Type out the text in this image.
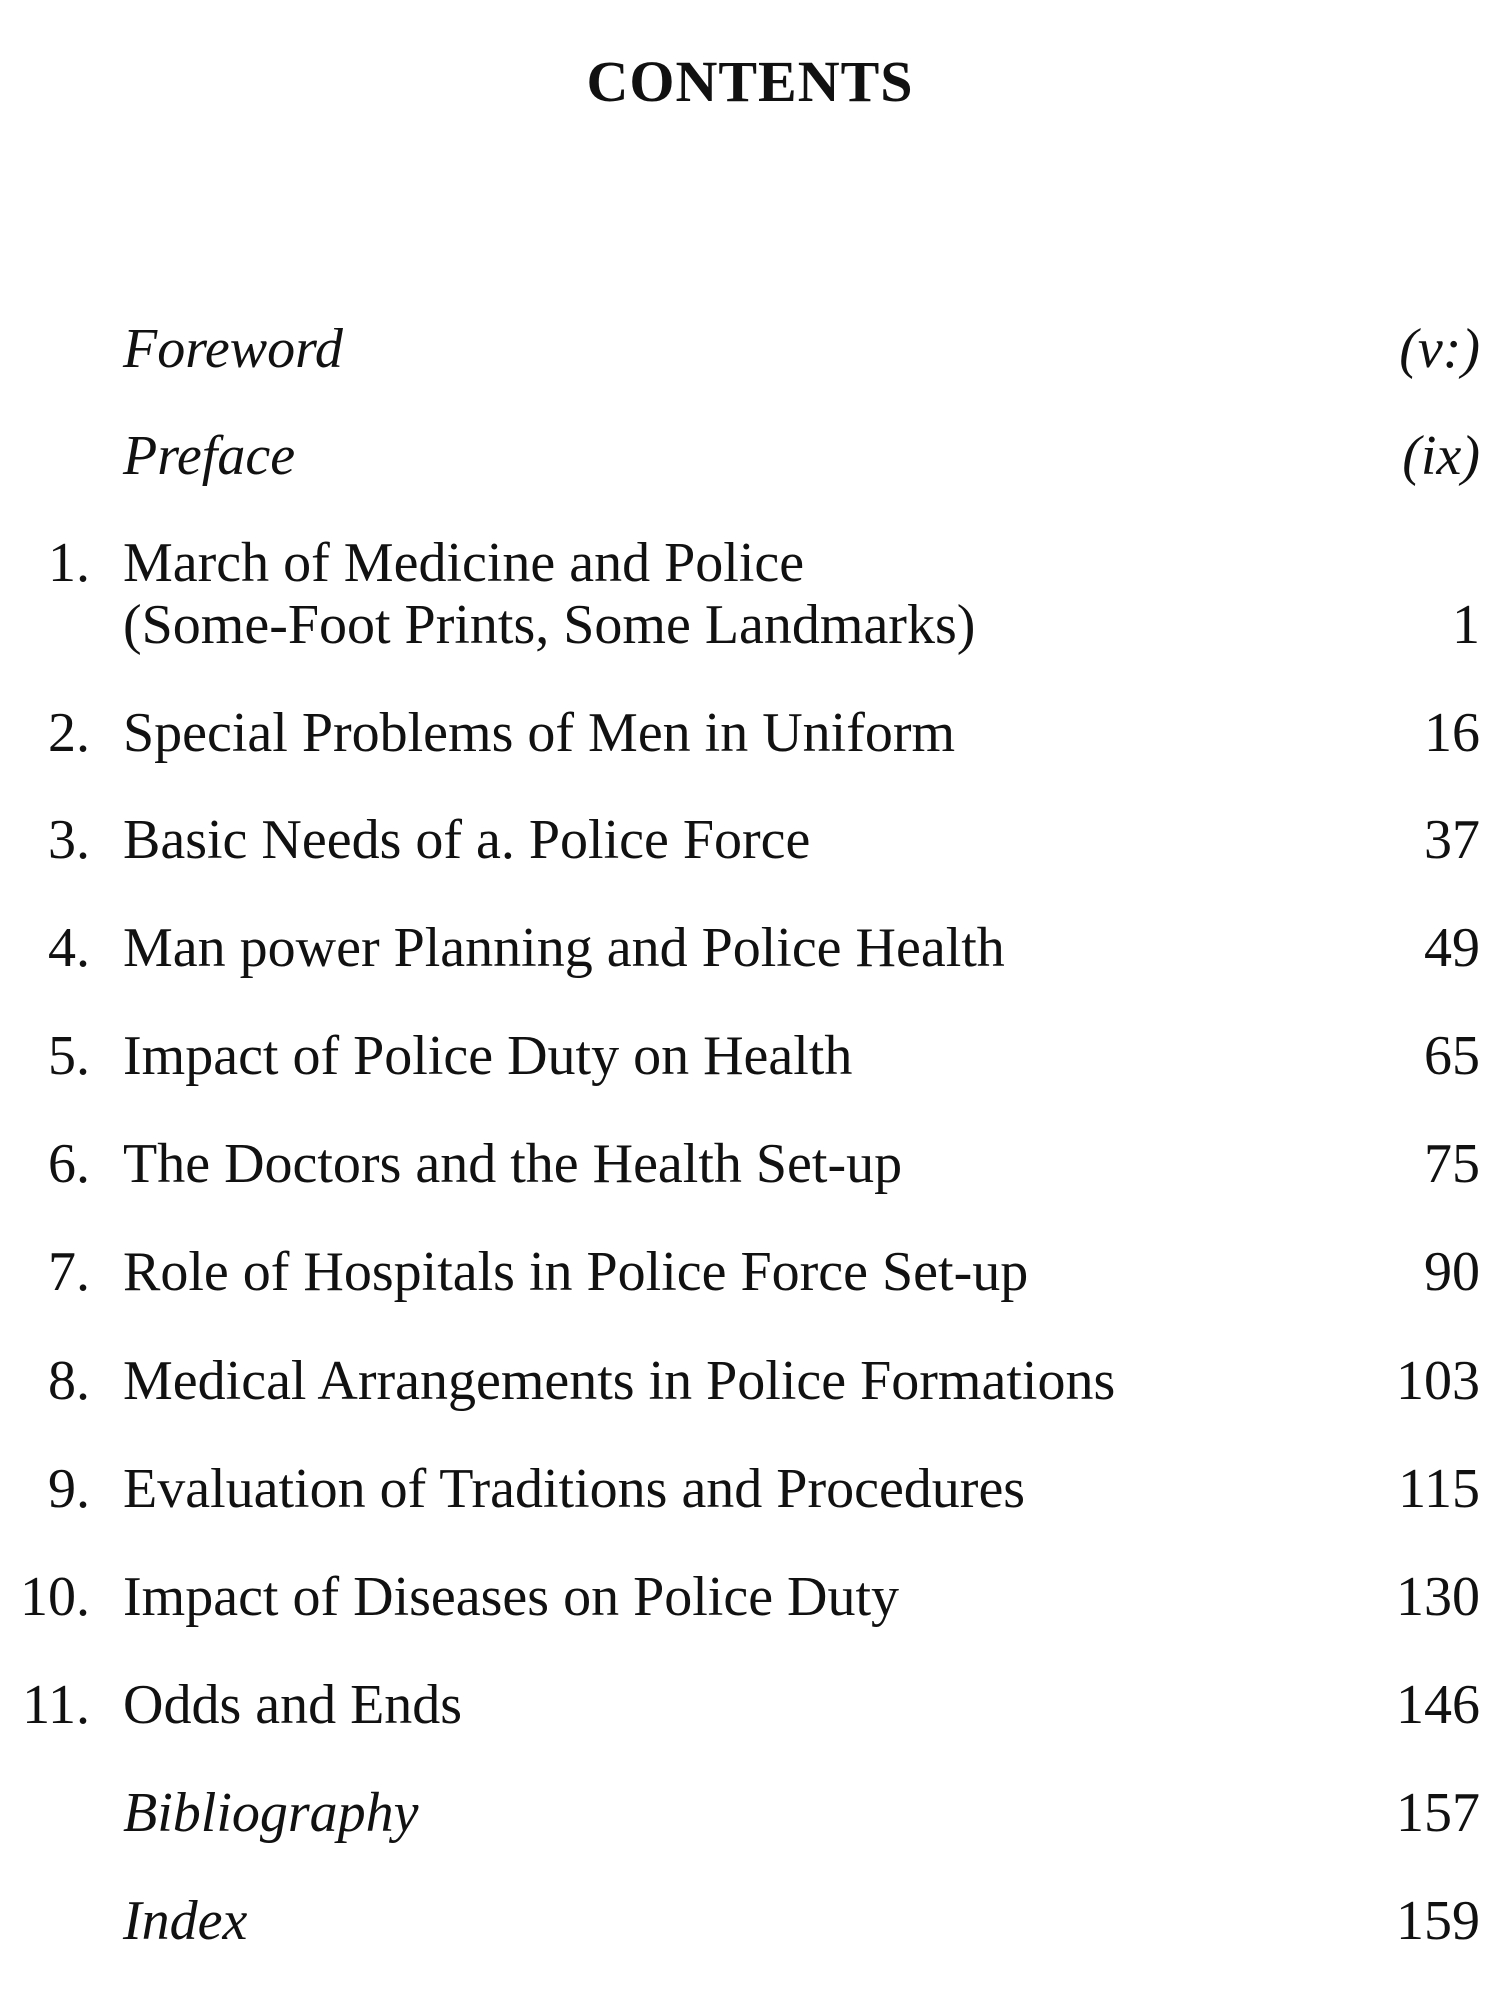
CONTENTS
Foreword	(v:)
Preface	(ix)
1. March of Medicine and Police
(Some-Foot Prints, Some Landmarks)	1
2. Special Problems of Men in Uniform	16
3. Basic Needs of a. Police Force	37
4. Man power Planning and Police Health	49
5. Impact of Police Duty on Health	65
6. The Doctors and the Health Set-up	75
7. Role of Hospitals in Police Force Set-up	90
8. Medical Arrangements in Police Formations	103
9. Evaluation of Traditions and Procedures	115
10. Impact of Diseases on Police Duty	130
11. Odds and Ends	146
Bibliography	157
Index	159
